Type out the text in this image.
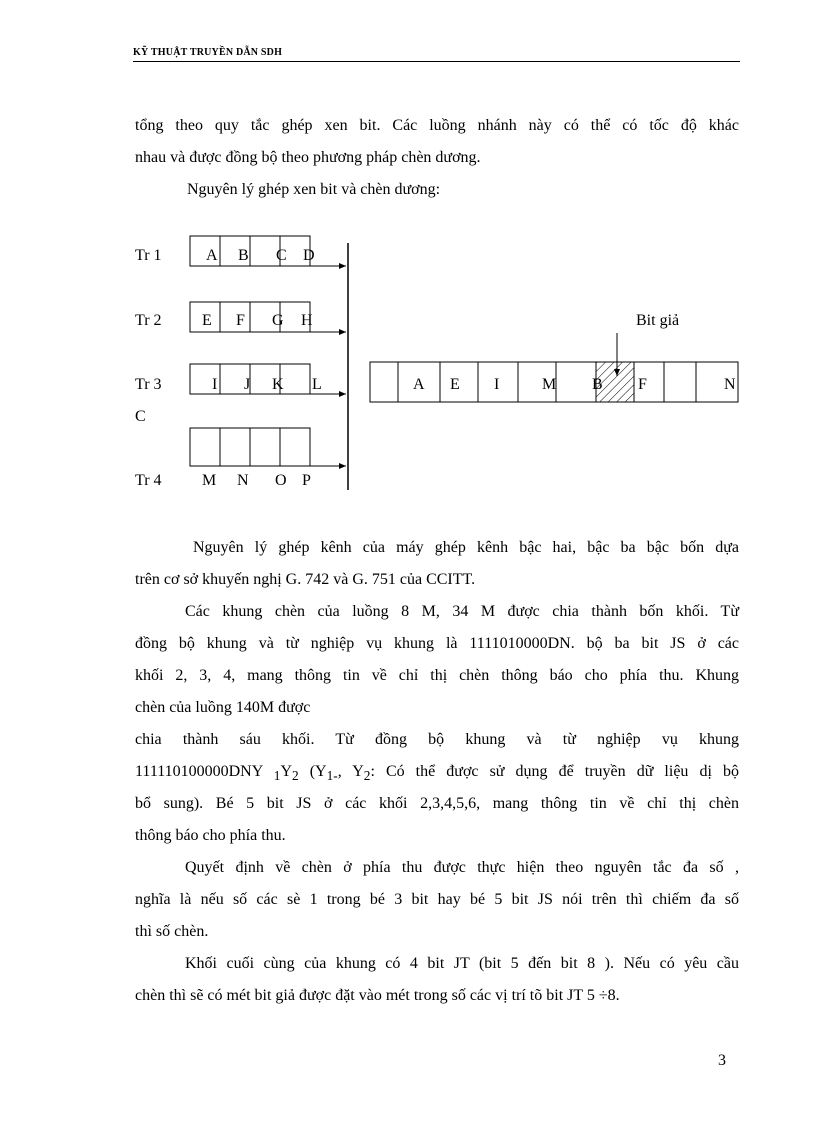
KỸ THUẬT TRUYỀN DẪN SDH

tổng theo quy tắc ghép xen bit. Các luồng nhánh này có thể có tốc độ khác

nhau và được đồng bộ theo phương pháp chèn dương.

Nguyên lý ghép xen bit và chèn dương:

Tr 1
Tr 2
Tr 3
C
Tr 4
A B C D
E F G H
I J K L
M N O P
A E I	M B F	N
Bit giả

Nguyên lý ghép kênh của máy ghép kênh bậc hai, bậc ba bậc bốn dựa

trên cơ sở khuyến nghị G. 742 và G. 751 của CCITT.

Các khung chèn của luồng 8 M, 34 M được chia thành bốn khối. Từ

đồng bộ khung và từ nghiệp vụ khung là 1111010000DN. bộ ba bit JS ở các

khối 2, 3, 4, mang thông tin về chỉ thị chèn thông báo cho phía thu. Khung

chèn của luồng 140M được

chia thành sáu khối. Từ đồng bộ khung và từ nghiệp vụ khung

111110100000DNY $_1Y_2$ ($Y_{1-}$, $Y_2$: Có thể được sử dụng để truyền dữ liệu dị bộ

bổ sung). Bé 5 bit JS ở các khối 2,3,4,5,6, mang thông tin về chỉ thị chèn

thông báo cho phía thu.

Quyết định về chèn ở phía thu được thực hiện theo nguyên tắc đa số ,

nghĩa là nếu số các sè 1 trong bé 3 bit hay bé 5 bit JS nói trên thì chiếm đa số

thì số chèn.

Khối cuối cùng của khung có 4 bit JT (bit 5 đến bit 8 ). Nếu có yêu cầu

chèn thì sẽ có mét bit giả được đặt vào mét trong số các vị trí tõ bit JT 5 ÷8.

3
